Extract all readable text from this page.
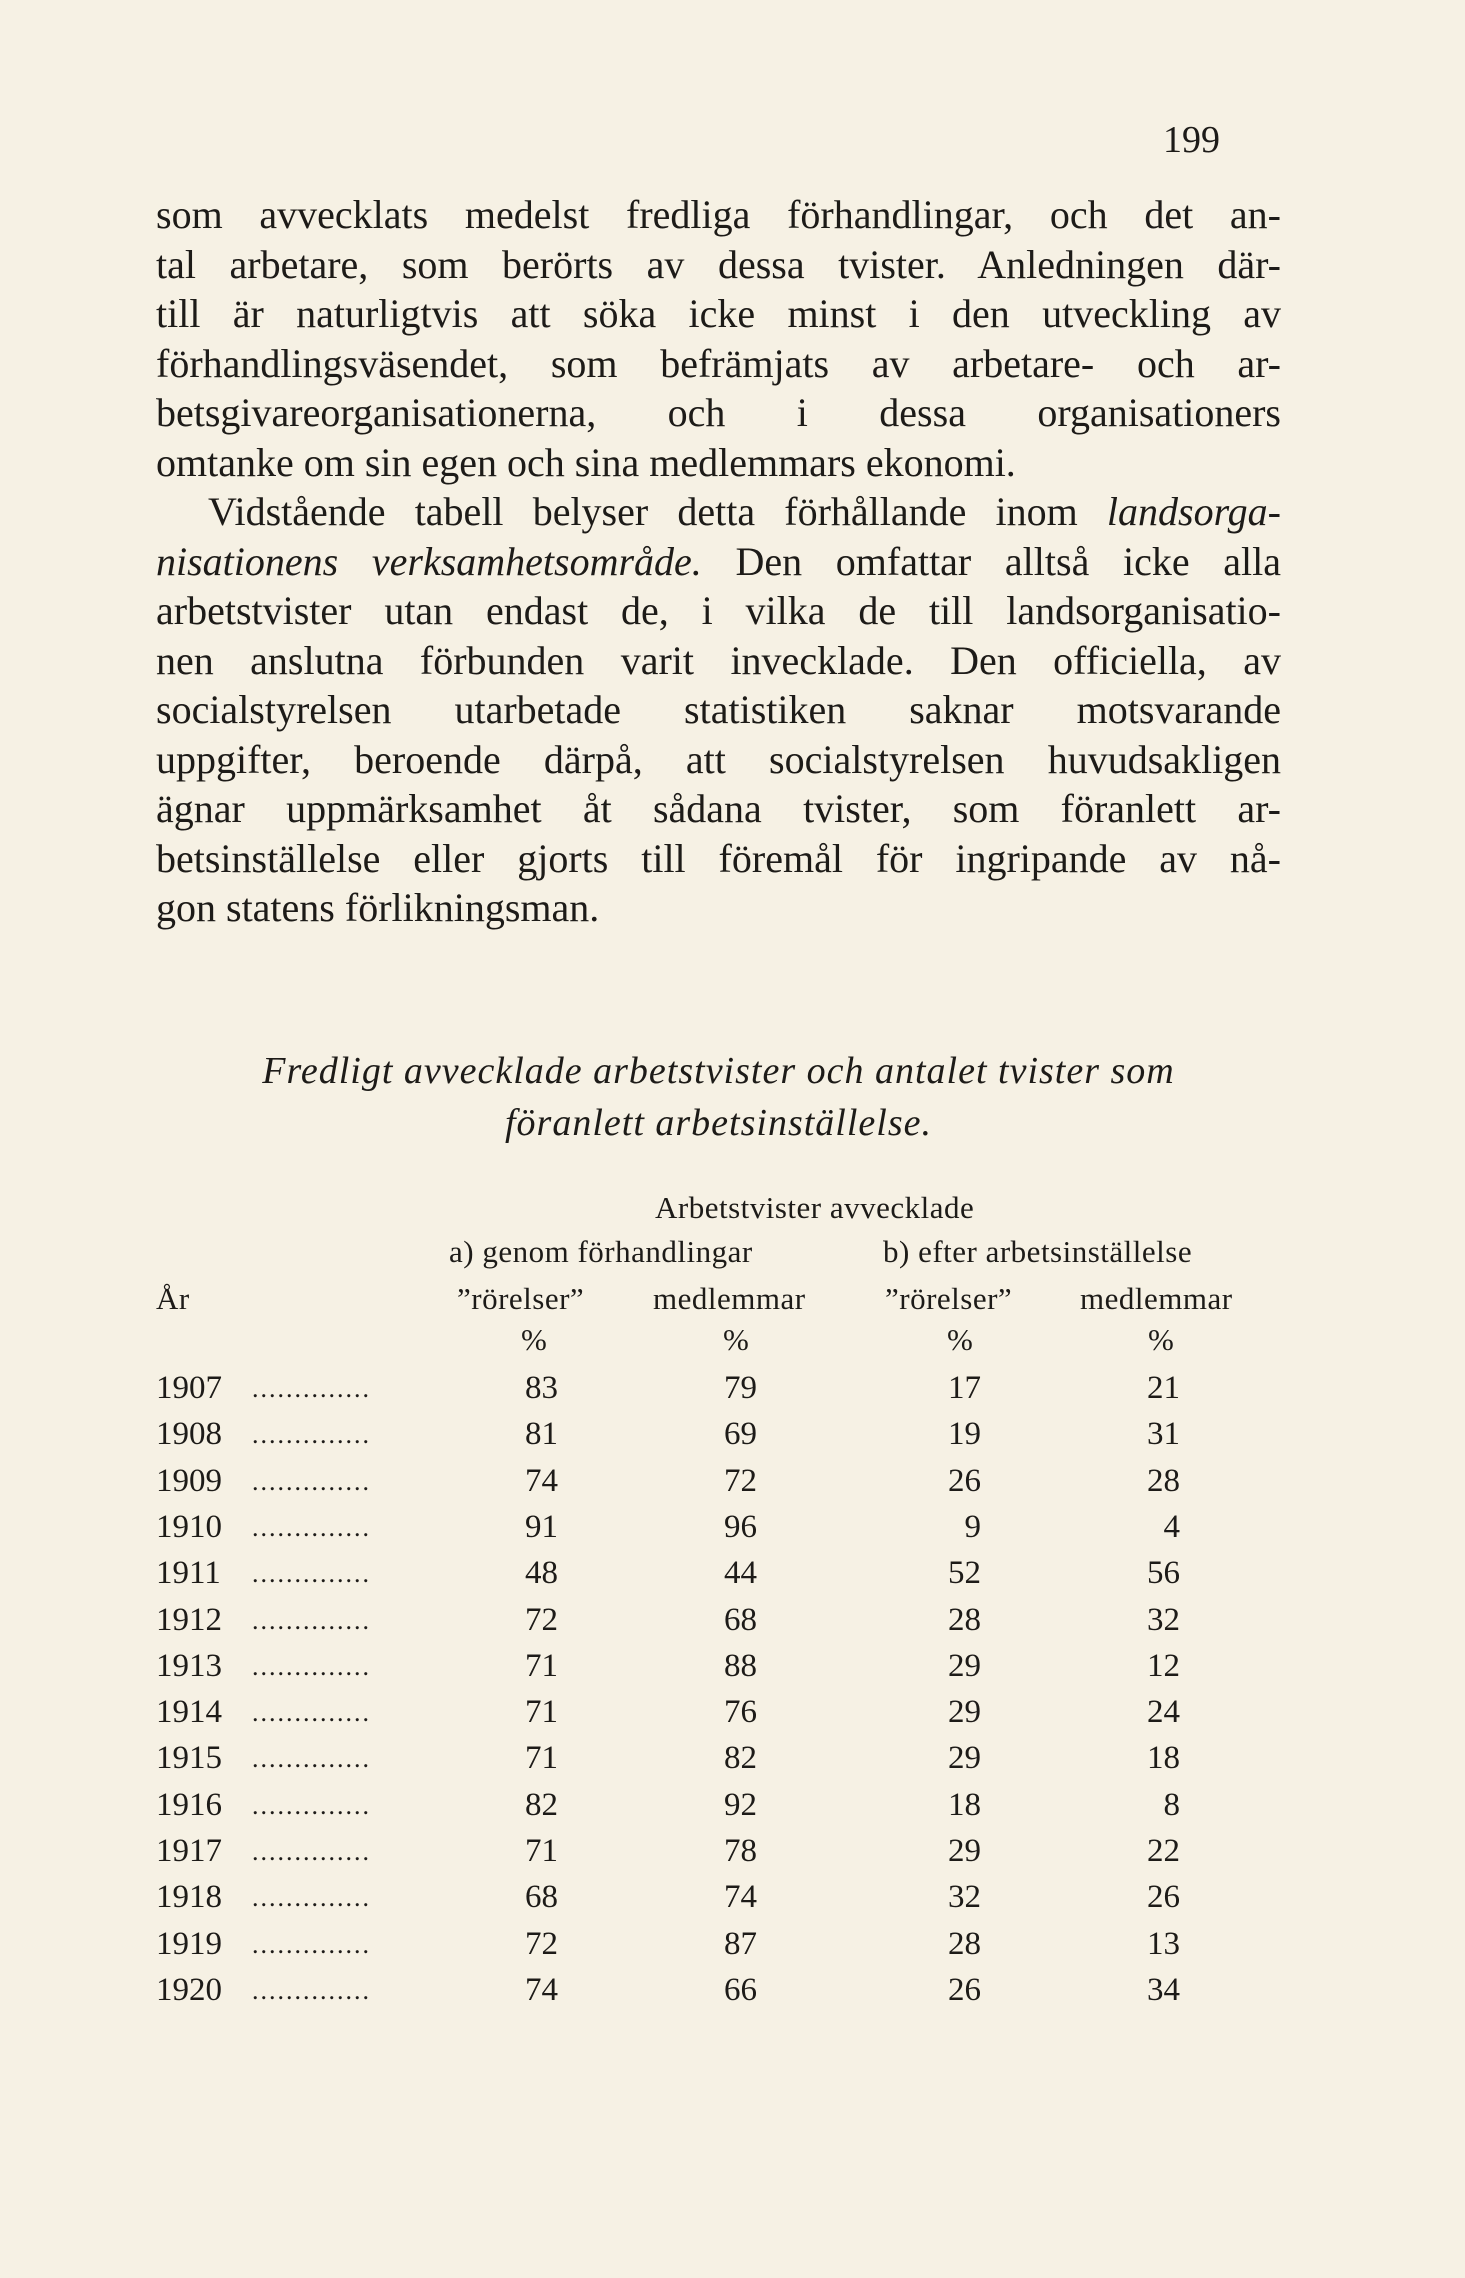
199
som avvecklats medelst fredliga förhandlingar, och det an-
tal arbetare, som berörts av dessa tvister. Anledningen där-
till är naturligtvis att söka icke minst i den utveckling av
förhandlingsväsendet, som befrämjats av arbetare- och ar-
betsgivareorganisationerna, och i dessa organisationers
omtanke om sin egen och sina medlemmars ekonomi.
Vidstående tabell belyser detta förhållande inom landsorga-
nisationens verksamhetsområde. Den omfattar alltså icke alla
arbetstvister utan endast de, i vilka de till landsorganisatio-
nen anslutna förbunden varit invecklade. Den officiella, av
socialstyrelsen utarbetade statistiken saknar motsvarande
uppgifter, beroende därpå, att socialstyrelsen huvudsakligen
ägnar uppmärksamhet åt sådana tvister, som föranlett ar-
betsinställelse eller gjorts till föremål för ingripande av nå-
gon statens förlikningsman.
Fredligt avvecklade arbetstvister och antalet tvister som
föranlett arbetsinställelse.
Arbetstvister avvecklade
a) genom förhandlingar	b) efter arbetsinställelse
År	”rörelser” medlemmar	”rörelser” medlemmar
%	%	%	%
1907 ..............	83	79	17	21
1908 ..............	81	69	19	31
1909 ..............	74	72	26	28
1910 ..............	91	96	9	4
1911 ..............	48	44	52	56
1912 ..............	72	68	28	32
1913 ..............	71	88	29	12
1914 ..............	71	76	29	24
1915 ..............	71	82	29	18
1916 ..............	82	92	18	8
1917 ..............	71	78	29	22
1918 ..............	68	74	32	26
1919 ..............	72	87	28	13
1920 ..............	74	66	26	34
